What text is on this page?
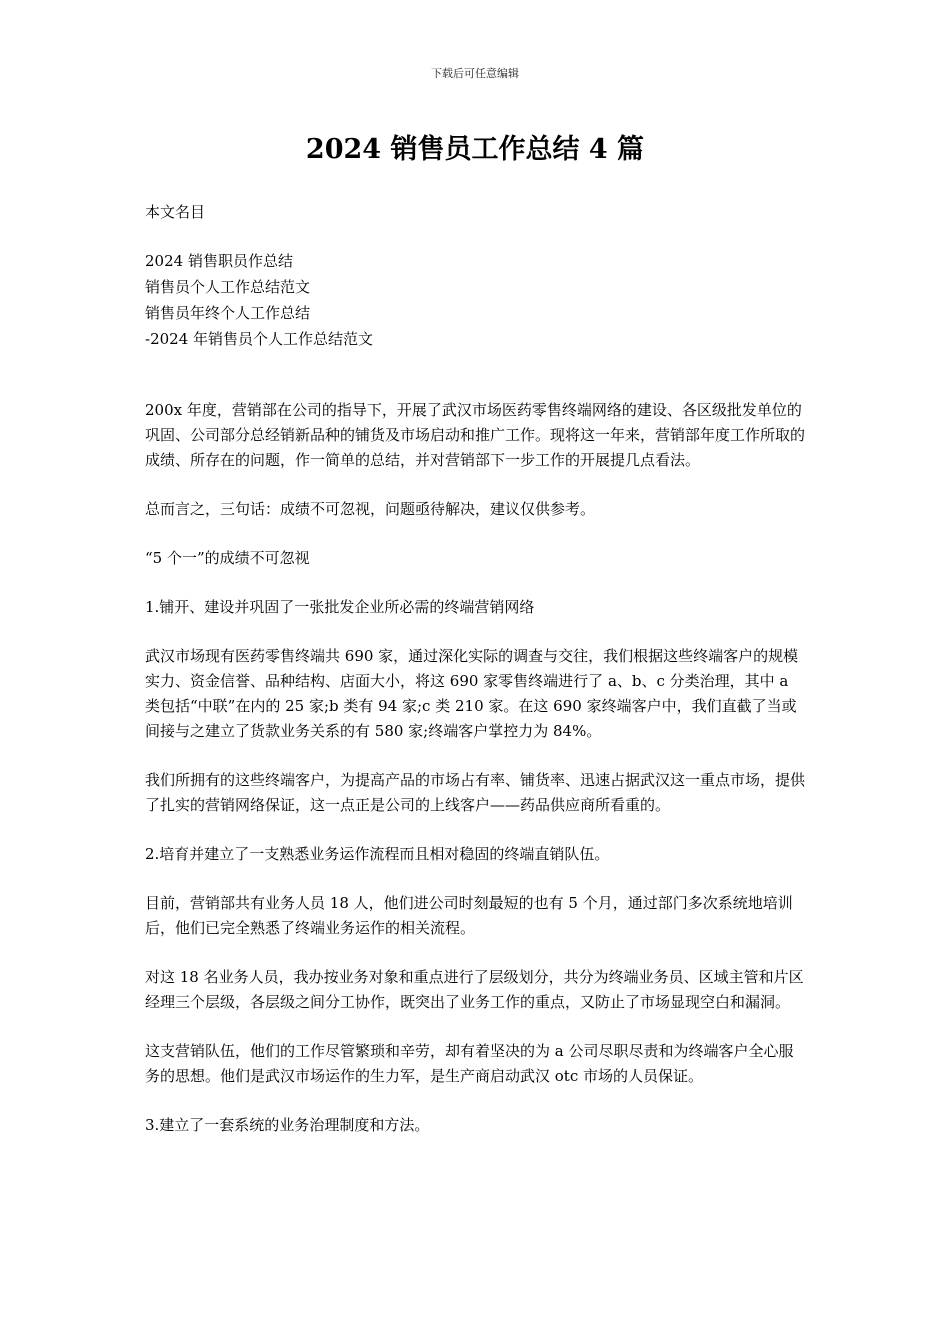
下载后可任意编辑
2024 销售员工作总结 4 篇

本文名目

2024 销售职员作总结
销售员个人工作总结范文
销售员年终个人工作总结
-2024 年销售员个人工作总结范文

200x 年度，营销部在公司的指导下，开展了武汉市场医药零售终端网络的建设、各区级批发单位的巩固、公司部分总经销新品种的铺货及市场启动和推广工作。现将这一年来，营销部年度工作所取的成绩、所存在的问题，作一简单的总结，并对营销部下一步工作的开展提几点看法。

总而言之，三句话：成绩不可忽视，问题亟待解决，建议仅供参考。

“5 个一”的成绩不可忽视

1.铺开、建设并巩固了一张批发企业所必需的终端营销网络

武汉市场现有医药零售终端共 690 家，通过深化实际的调查与交往，我们根据这些终端客户的规模实力、资金信誉、品种结构、店面大小，将这 690 家零售终端进行了 a、b、c 分类治理，其中 a 类包括“中联”在内的 25 家;b 类有 94 家;c 类 210 家。在这 690 家终端客户中，我们直截了当或间接与之建立了货款业务关系的有 580 家;终端客户掌控力为 84%。

我们所拥有的这些终端客户，为提高产品的市场占有率、铺货率、迅速占据武汉这一重点市场，提供了扎实的营销网络保证，这一点正是公司的上线客户——药品供应商所看重的。

2.培育并建立了一支熟悉业务运作流程而且相对稳固的终端直销队伍。

目前，营销部共有业务人员 18 人，他们进公司时刻最短的也有 5 个月，通过部门多次系统地培训后，他们已完全熟悉了终端业务运作的相关流程。

对这 18 名业务人员，我办按业务对象和重点进行了层级划分，共分为终端业务员、区域主管和片区经理三个层级，各层级之间分工协作，既突出了业务工作的重点，又防止了市场显现空白和漏洞。

这支营销队伍，他们的工作尽管繁琐和辛劳，却有着坚决的为 a 公司尽职尽责和为终端客户全心服务的思想。他们是武汉市场运作的生力军，是生产商启动武汉 otc 市场的人员保证。

3.建立了一套系统的业务治理制度和方法。
